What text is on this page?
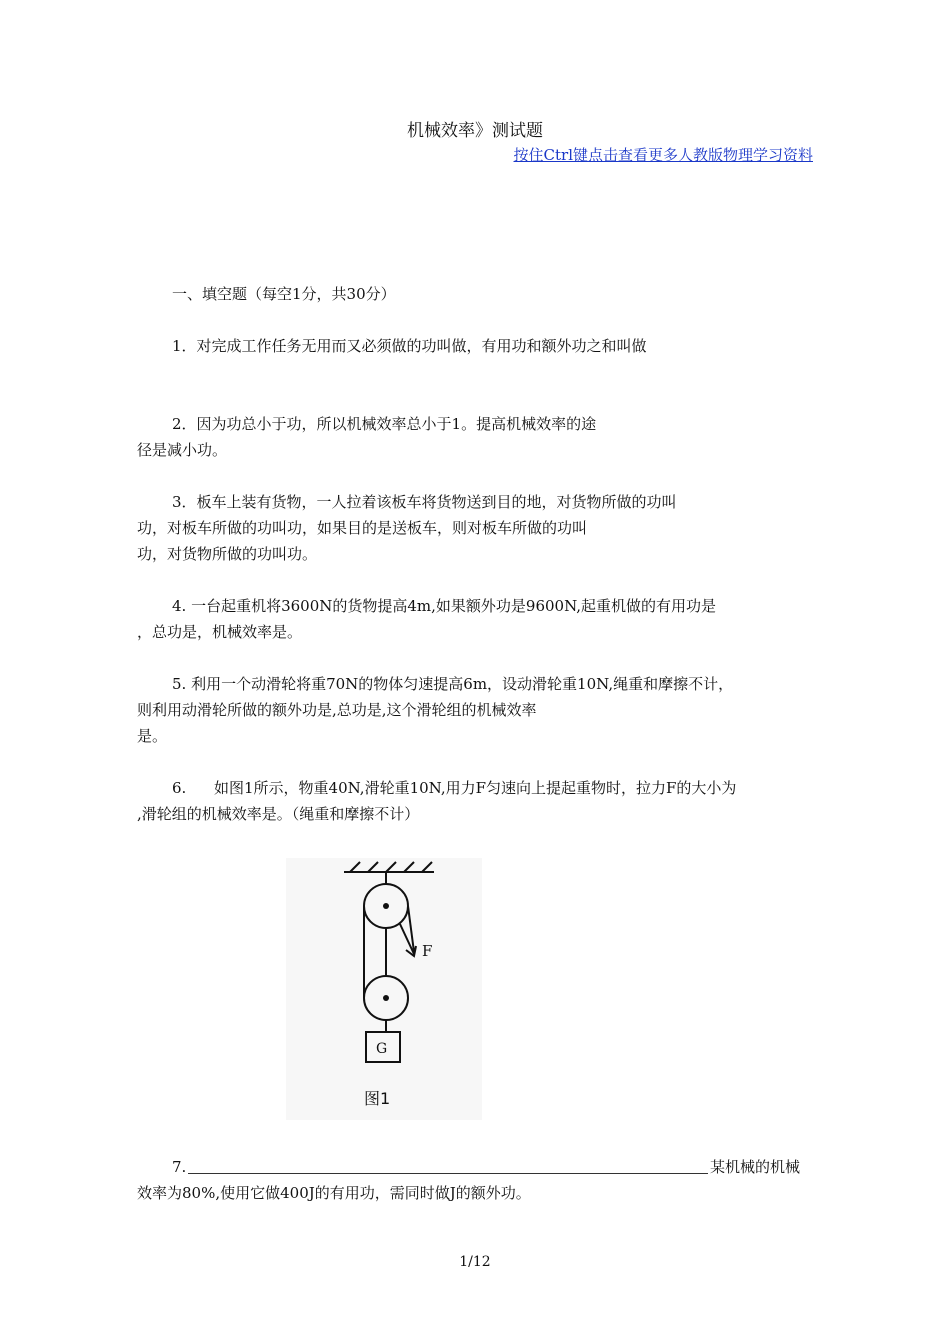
机械效率》测试题
按住Ctrl键点击查看更多人教版物理学习资料
一、填空题（每空1分，共30分）
1．对完成工作任务无用而又必须做的功叫做，有用功和额外功之和叫做
2．因为功总小于功，所以机械效率总小于1。提高机械效率的途
径是减小功。
3．板车上装有货物，一人拉着该板车将货物送到目的地，对货物所做的功叫
功，对板车所做的功叫功，如果目的是送板车，则对板车所做的功叫
功，对货物所做的功叫功。
4. 一台起重机将3600N的货物提高4m,如果额外功是9600N,起重机做的有用功是
，总功是，机械效率是。
5. 利用一个动滑轮将重70N的物体匀速提高6m，设动滑轮重10N,绳重和摩擦不计，
则利用动滑轮所做的额外功是,总功是,这个滑轮组的机械效率
是。
6. 如图1所示，物重40N,滑轮重10N,用力F匀速向上提起重物时，拉力F的大小为
,滑轮组的机械效率是。（绳重和摩擦不计）
F
G
图1
7.	某机械的机械
效率为80%,使用它做400J的有用功，需同时做J的额外功。
1/12
